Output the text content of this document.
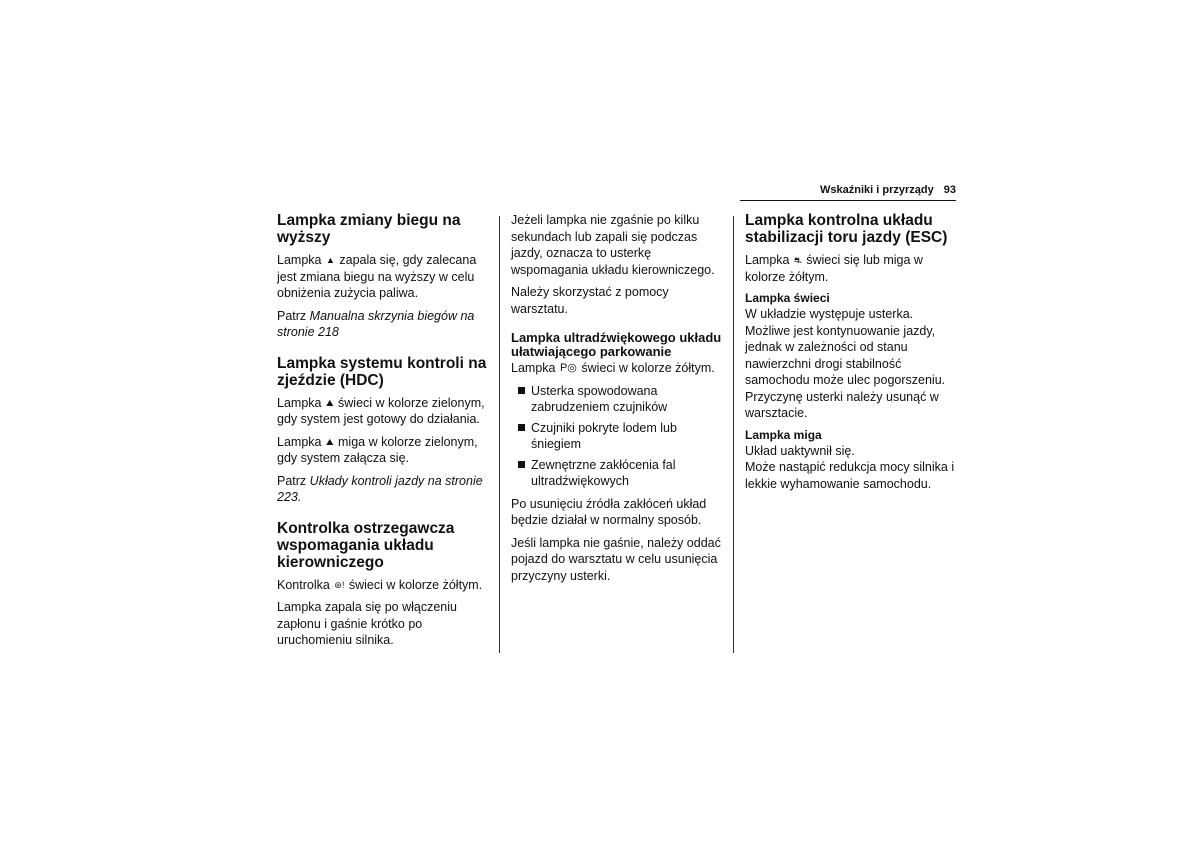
Wskaźniki i przyrządy 93
Lampka zmiany biegu na wyższy

Lampka ▲ zapala się, gdy zalecana jest zmiana biegu na wyższy w celu obniżenia zużycia paliwa.

Patrz Manualna skrzynia biegów na stronie 218

Lampka systemu kontroli na zjeździe (HDC)

Lampka ⛰ świeci w kolorze zielonym, gdy system jest gotowy do działania.

Lampka ⛰ miga w kolorze zielonym, gdy system załącza się.

Patrz Układy kontroli jazdy na stronie 223.

Kontrolka ostrzegawcza wspomagania układu kierowniczego

Kontrolka ⊛! świeci w kolorze żółtym.

Lampka zapala się po włączeniu zapłonu i gaśnie krótko po uruchomieniu silnika.

Jeżeli lampka nie zgaśnie po kilku sekundach lub zapali się podczas jazdy, oznacza to usterkę wspomagania układu kierowniczego.

Należy skorzystać z pomocy warsztatu.

Lampka ultradźwiękowego układu ułatwiającego parkowanie

Lampka P◎ świeci w kolorze żółtym.

Usterka spowodowana zabrudzeniem czujników
Czujniki pokryte lodem lub śniegiem
Zewnętrzne zakłócenia fal ultradźwiękowych

Po usunięciu źródła zakłóceń układ będzie działał w normalny sposób.

Jeśli lampka nie gaśnie, należy oddać pojazd do warsztatu w celu usunięcia przyczyny usterki.

Lampka kontrolna układu stabilizacji toru jazdy (ESC)

Lampka ⛐ świeci się lub miga w kolorze żółtym.

Lampka świeci

W układzie występuje usterka. Możliwe jest kontynuowanie jazdy, jednak w zależności od stanu nawierzchni drogi stabilność samochodu może ulec pogorszeniu. Przyczynę usterki należy usunąć w warsztacie.

Lampka miga

Układ uaktywnił się.

Może nastąpić redukcja mocy silnika i lekkie wyhamowanie samochodu.
